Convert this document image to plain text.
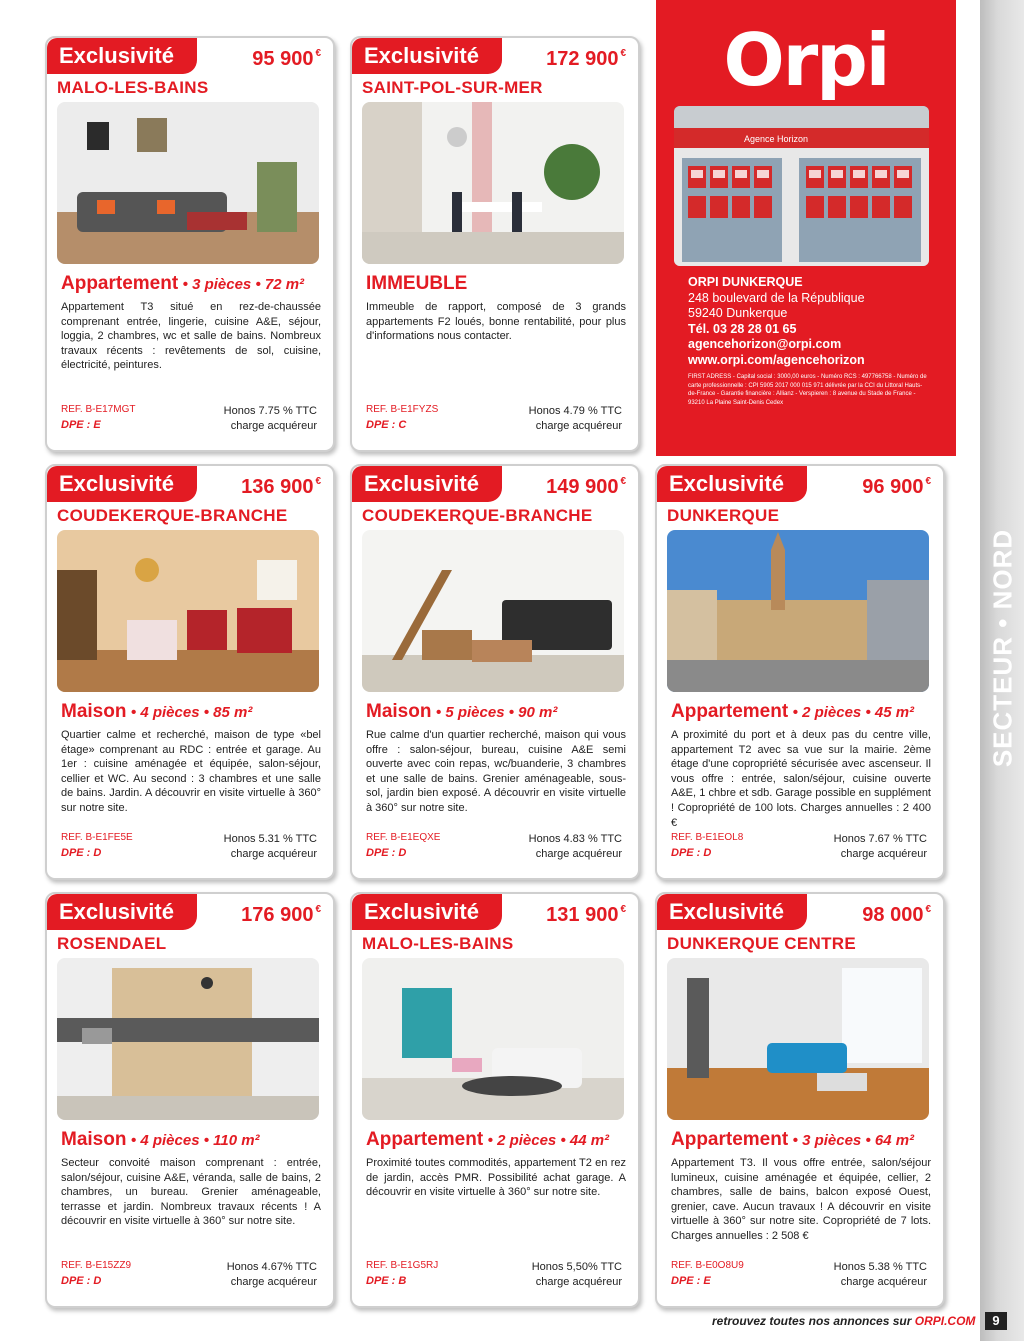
SECTEUR • NORD
Orpi
Agence Horizon
ORPI DUNKERQUE
248 boulevard de la République
59240 Dunkerque
Tél. 03 28 28 01 65
agencehorizon@orpi.com
www.orpi.com/agencehorizon
FIRST ADRESS - Capital social : 3000,00 euros - Numéro RCS : 497766758 - Numéro de carte professionnelle : CPI 5905 2017 000 015 971 délivrée par la CCI du Littoral Hauts-de-France - Garantie financière : Allianz - Verspieren : 8 avenue du Stade de France - 93210 La Plaine Saint-Denis Cedex
Exclusivité	95 900 €
MALO-LES-BAINS
Appartement • 3 pièces • 72 m²
Appartement T3 situé en rez-de-chaussée comprenant entrée, lingerie, cuisine A&E, séjour, loggia, 2 chambres, wc et salle de bains. Nombreux travaux récents : revêtements de sol, cuisine, électricité, peintures.
REF. B-E17MGT
DPE : E
Honos 7.75 % TTC
charge acquéreur
Exclusivité	172 900 €
SAINT-POL-SUR-MER
IMMEUBLE
Immeuble de rapport, composé de 3 grands appartements F2 loués, bonne rentabilité, pour plus d'informations nous contacter.
REF. B-E1FYZS
DPE : C
Honos 4.79 % TTC
charge acquéreur
Exclusivité	136 900 €
COUDEKERQUE-BRANCHE
Maison • 4 pièces • 85 m²
Quartier calme et recherché, maison de type «bel étage» comprenant au RDC : entrée et garage. Au 1er : cuisine aménagée et équipée, salon-séjour, cellier et WC. Au second : 3 chambres et une salle de bains. Jardin. A découvrir en visite virtuelle à 360° sur notre site.
REF. B-E1FE5E
DPE : D
Honos 5.31 % TTC
charge acquéreur
Exclusivité	149 900 €
COUDEKERQUE-BRANCHE
Maison • 5 pièces • 90 m²
Rue calme d'un quartier recherché, maison qui vous offre : salon-séjour, bureau, cuisine A&E semi ouverte avec coin repas, wc/buanderie, 3 chambres et une salle de bains. Grenier aménageable, sous-sol, jardin bien exposé. A découvrir en visite virtuelle à 360° sur notre site.
REF. B-E1EQXE
DPE : D
Honos 4.83 % TTC
charge acquéreur
Exclusivité	96 900 €
DUNKERQUE
Appartement • 2 pièces • 45 m²
A proximité du port et à deux pas du centre ville, appartement T2 avec sa vue sur la mairie. 2ème étage d'une copropriété sécurisée avec ascenseur. Il vous offre : entrée, salon/séjour, cuisine ouverte A&E, 1 chbre et sdb. Garage possible en supplément ! Copropriété de 100 lots. Charges annuelles : 2 400 €
REF. B-E1EOL8
DPE : D
Honos 7.67 % TTC
charge acquéreur
Exclusivité	176 900 €
ROSENDAEL
Maison • 4 pièces • 110 m²
Secteur convoité maison comprenant : entrée, salon/séjour, cuisine A&E, véranda, salle de bains, 2 chambres, un bureau. Grenier aménageable, terrasse et jardin. Nombreux travaux récents ! A découvrir en visite virtuelle à 360° sur notre site.
REF. B-E15ZZ9
DPE : D
Honos 4.67% TTC
charge acquéreur
Exclusivité	131 900 €
MALO-LES-BAINS
Appartement • 2 pièces • 44 m²
Proximité toutes commodités, appartement T2 en rez de jardin, accès PMR. Possibilité achat garage. A découvrir en visite virtuelle à 360° sur notre site.
REF. B-E1G5RJ
DPE : B
Honos 5,50% TTC
charge acquéreur
Exclusivité	98 000 €
DUNKERQUE CENTRE
Appartement • 3 pièces • 64 m²
Appartement T3. Il vous offre entrée, salon/séjour lumineux, cuisine aménagée et équipée, cellier, 2 chambres, salle de bains, balcon exposé Ouest, grenier, cave. Aucun travaux ! A découvrir en visite virtuelle à 360° sur notre site. Copropriété de 7 lots. Charges annuelles : 2 508 €
REF. B-E0O8U9
DPE : E
Honos 5.38 % TTC
charge acquéreur
retrouvez toutes nos annonces sur ORPI.COM	9
